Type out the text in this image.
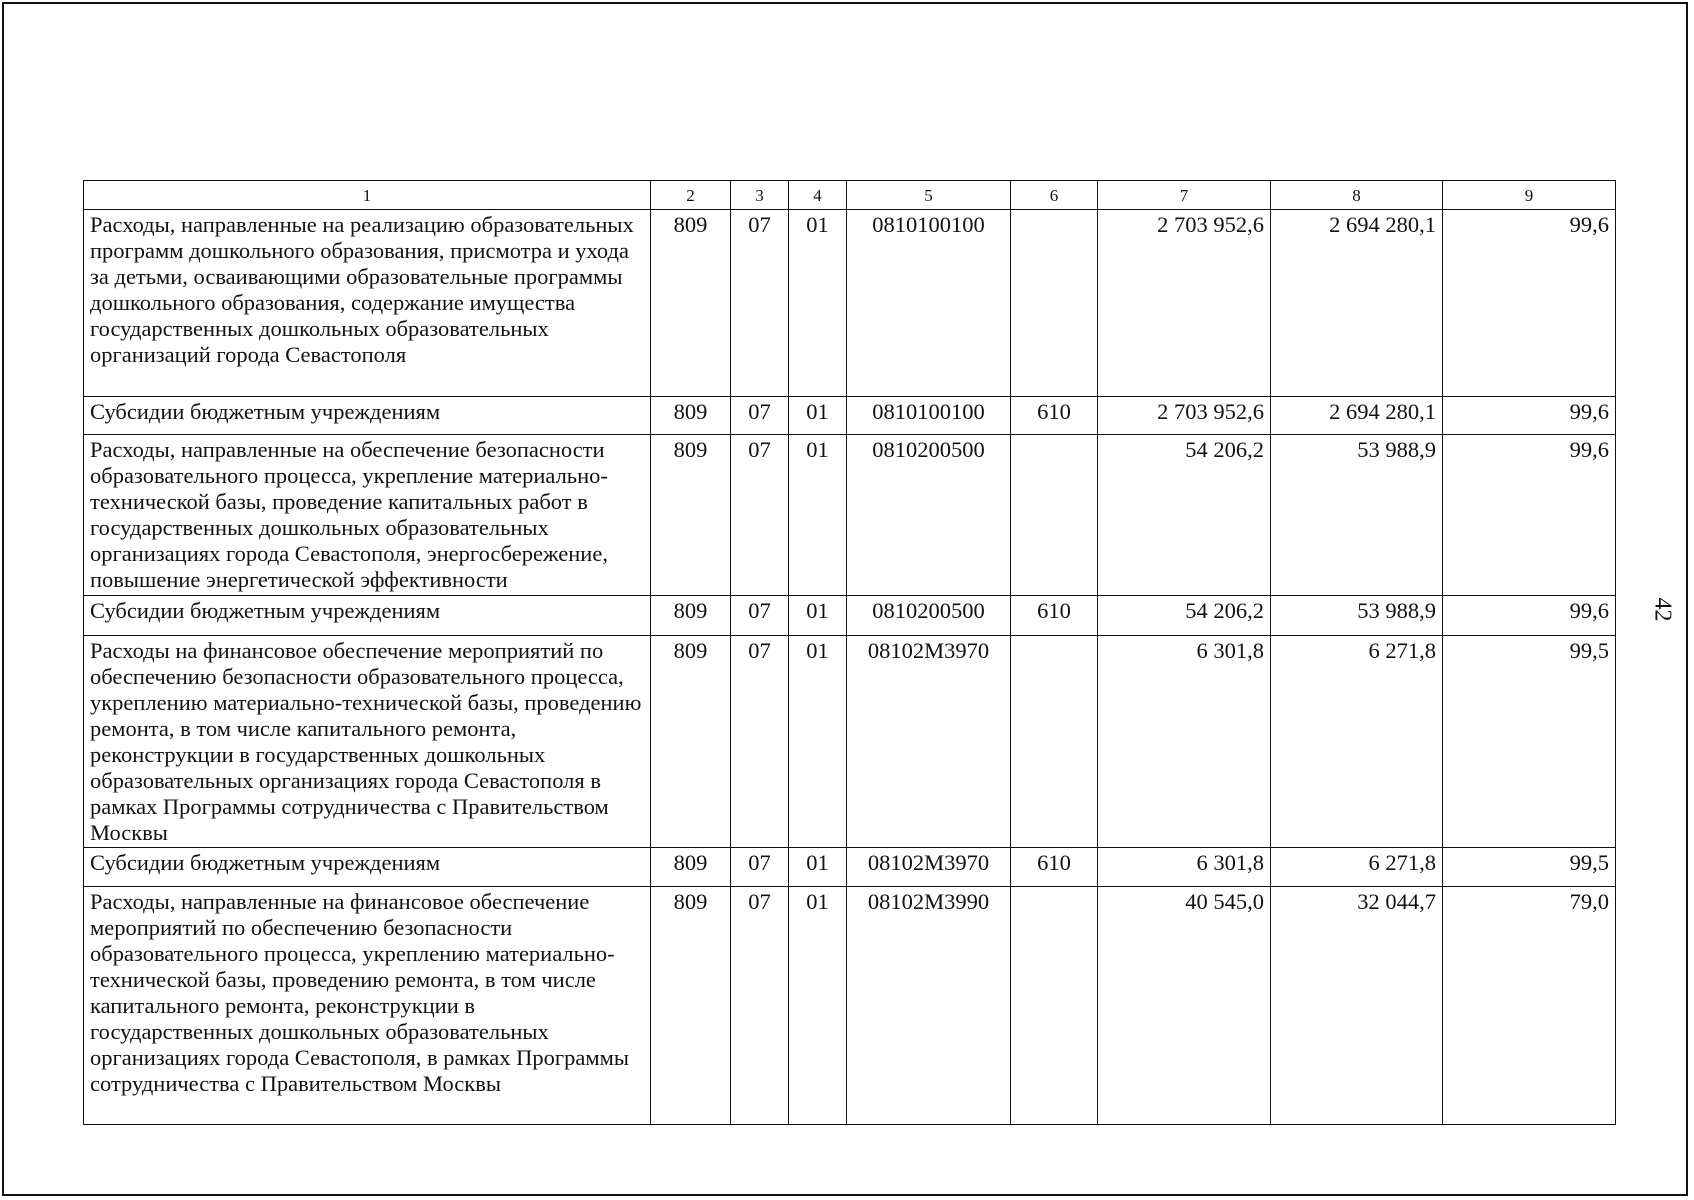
1	2	3	4	5	6	7	8	9
Расходы, направленные на реализацию образовательных программ дошкольного образования, присмотра и ухода за детьми, осваивающими образовательные программы дошкольного образования, содержание имущества государственных дошкольных образовательных организаций города Севастополя	809	07	01	0810100100		2 703 952,6	2 694 280,1	99,6
Субсидии бюджетным учреждениям	809	07	01	0810100100	610	2 703 952,6	2 694 280,1	99,6
Расходы, направленные на обеспечение безопасности образовательного процесса, укрепление материально-технической базы, проведение капитальных работ в государственных дошкольных образовательных организациях города Севастополя, энергосбережение, повышение энергетической эффективности	809	07	01	0810200500		54 206,2	53 988,9	99,6
Субсидии бюджетным учреждениям	809	07	01	0810200500	610	54 206,2	53 988,9	99,6
Расходы на финансовое обеспечение мероприятий по обеспечению безопасности образовательного процесса, укреплению материально-технической базы, проведению ремонта, в том числе капитального ремонта, реконструкции в государственных дошкольных образовательных организациях города Севастополя в рамках Программы сотрудничества с Правительством Москвы	809	07	01	08102М3970		6 301,8	6 271,8	99,5
Субсидии бюджетным учреждениям	809	07	01	08102М3970	610	6 301,8	6 271,8	99,5
Расходы, направленные на финансовое обеспечение мероприятий по обеспечению безопасности образовательного процесса, укреплению материально-технической базы, проведению ремонта, в том числе капитального ремонта, реконструкции в государственных дошкольных образовательных организациях города Севастополя, в рамках Программы сотрудничества с Правительством Москвы	809	07	01	08102М3990		40 545,0	32 044,7	79,0
42
